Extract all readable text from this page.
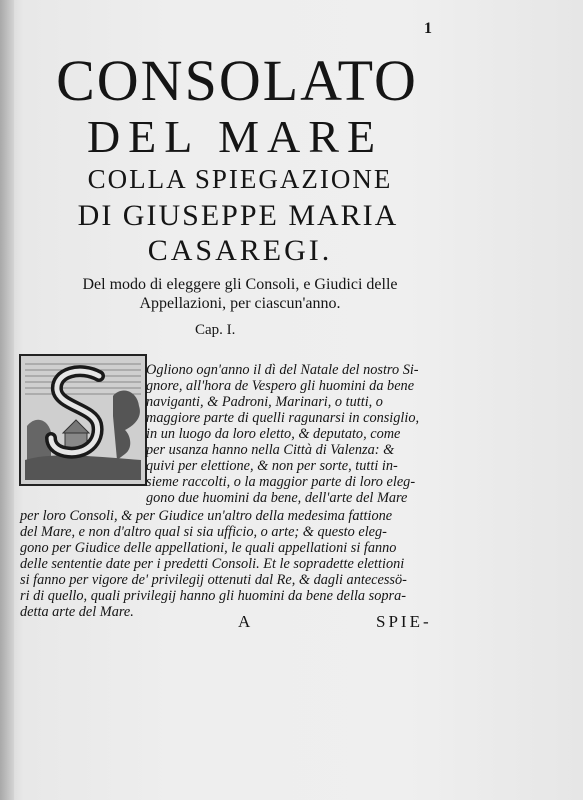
1
CONSOLATO
DEL MARE
COLLA SPIEGAZIONE
DI GIUSEPPE MARIA
CASAREGI.
Del modo di eleggere gli Consoli, e Giudici delle
Appellazioni, per ciascun'anno.
Cap. I.
Ogliono ogn'anno il dì del Natale del nostro Si-
gnore, all'hora de Vespero gli huomini da bene
naviganti, & Padroni, Marinari, o tutti, o
maggiore parte di quelli ragunarsi in consiglio,
in un luogo da loro eletto, & deputato, come
per usanza hanno nella Città di Valenza: &
quivi per elettione, & non per sorte, tutti in-
sieme raccolti, o la maggior parte di loro eleg-
gono due huomini da bene, dell'arte del Mare
per loro Consoli, & per Giudice un'altro della medesima fattione
del Mare, e non d'altro qual si sia ufficio, o arte; & questo eleg-
gono per Giudice delle appellationi, le quali appellationi si fanno
delle sententie date per i predetti Consoli. Et le sopradette elettioni
si fanno per vigore de' privilegij ottenuti dal Re, & dagli antecessö-
ri di quello, quali privilegij hanno gli huomini da bene della sopra-
detta arte del Mare.	A	SPIE-
